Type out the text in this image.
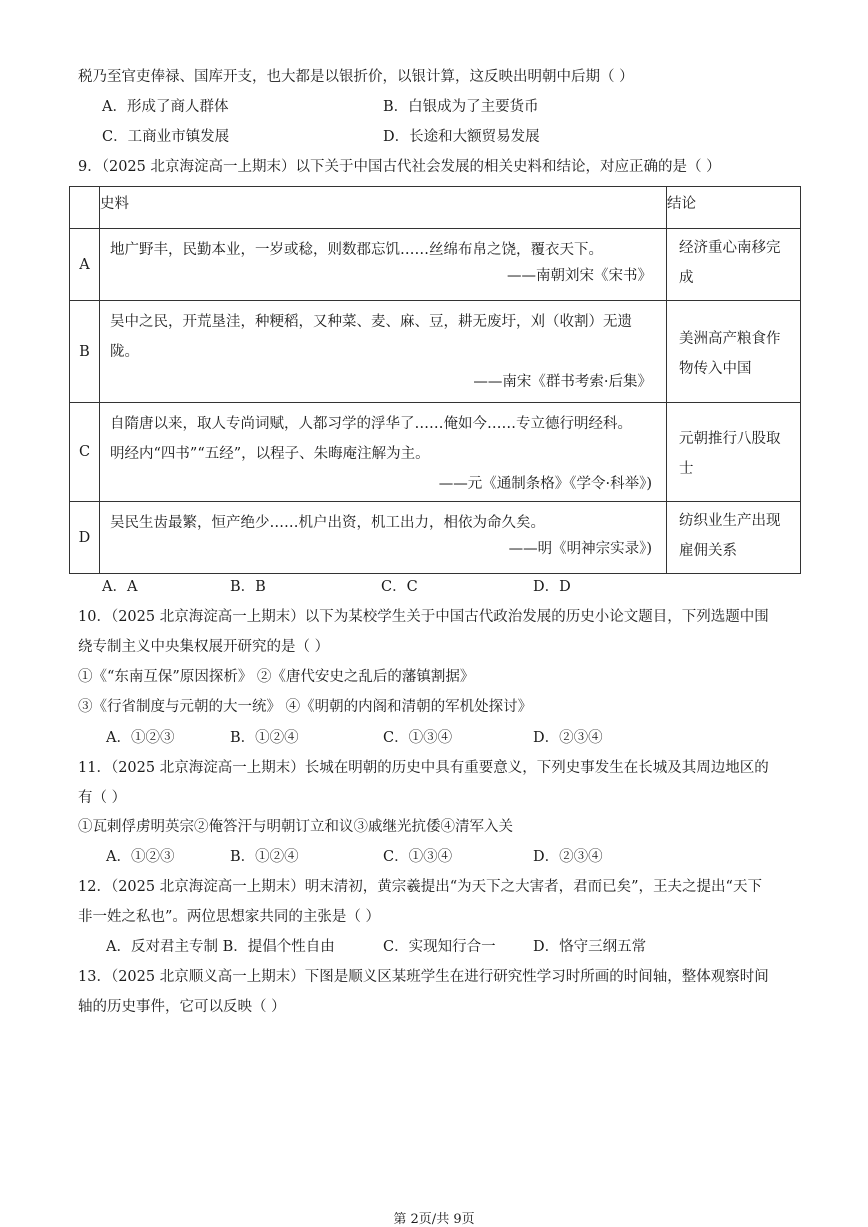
税乃至官吏俸禄、国库开支，也大都是以银折价，以银计算，这反映出明朝中后期（ ）
A．形成了商人群体	B．白银成为了主要货币
C．工商业市镇发展	D．长途和大额贸易发展
9．（2025 北京海淀高一上期末）以下关于中国古代社会发展的相关史料和结论，对应正确的是（ ）
	史料	结论
A	地广野丰，民勤本业，一岁或稔，则数郡忘饥……丝绵布帛之饶，覆衣天下。
——南朝刘宋《宋书》	经济重心南移完
成

B	吴中之民，开荒垦洼，种粳稻，又种菜、麦、麻、豆，耕无废圩，刈（收割）无遗
陇。
——南宋《群书考索·后集》	美洲高产粮食作
物传入中国

C	自隋唐以来，取人专尚词赋，人都习学的浮华了……俺如今……专立德行明经科。
明经内“四书”“五经”，以程子、朱晦庵注解为主。
——元《通制条格》《学令·科举》)	元朝推行八股取
士

D	吴民生齿最繁，恒产绝少……机户出资，机工出力，相依为命久矣。
——明《明神宗实录》)	纺织业生产出现
雇佣关系
A．A	B．B	C．C	D．D
10．（2025 北京海淀高一上期末）以下为某校学生关于中国古代政治发展的历史小论文题目，下列选题中围
绕专制主义中央集权展开研究的是（ ）
①《“东南互保”原因探析》 ②《唐代安史之乱后的藩镇割据》
③《行省制度与元朝的大一统》 ④《明朝的内阁和清朝的军机处探讨》
A．①②③	B．①②④	C．①③④	D．②③④
11．（2025 北京海淀高一上期末）长城在明朝的历史中具有重要意义，下列史事发生在长城及其周边地区的
有（ ）
①瓦剌俘虏明英宗②俺答汗与明朝订立和议③戚继光抗倭④清军入关
A．①②③	B．①②④	C．①③④	D．②③④
12．（2025 北京海淀高一上期末）明末清初，黄宗羲提出“为天下之大害者，君而已矣”，王夫之提出“天下
非一姓之私也”。两位思想家共同的主张是（ ）
A．反对君主专制 B．提倡个性自由	C．实现知行合一	D．恪守三纲五常
13．（2025 北京顺义高一上期末）下图是顺义区某班学生在进行研究性学习时所画的时间轴，整体观察时间
轴的历史事件，它可以反映（ ）
第 2页/共 9页
